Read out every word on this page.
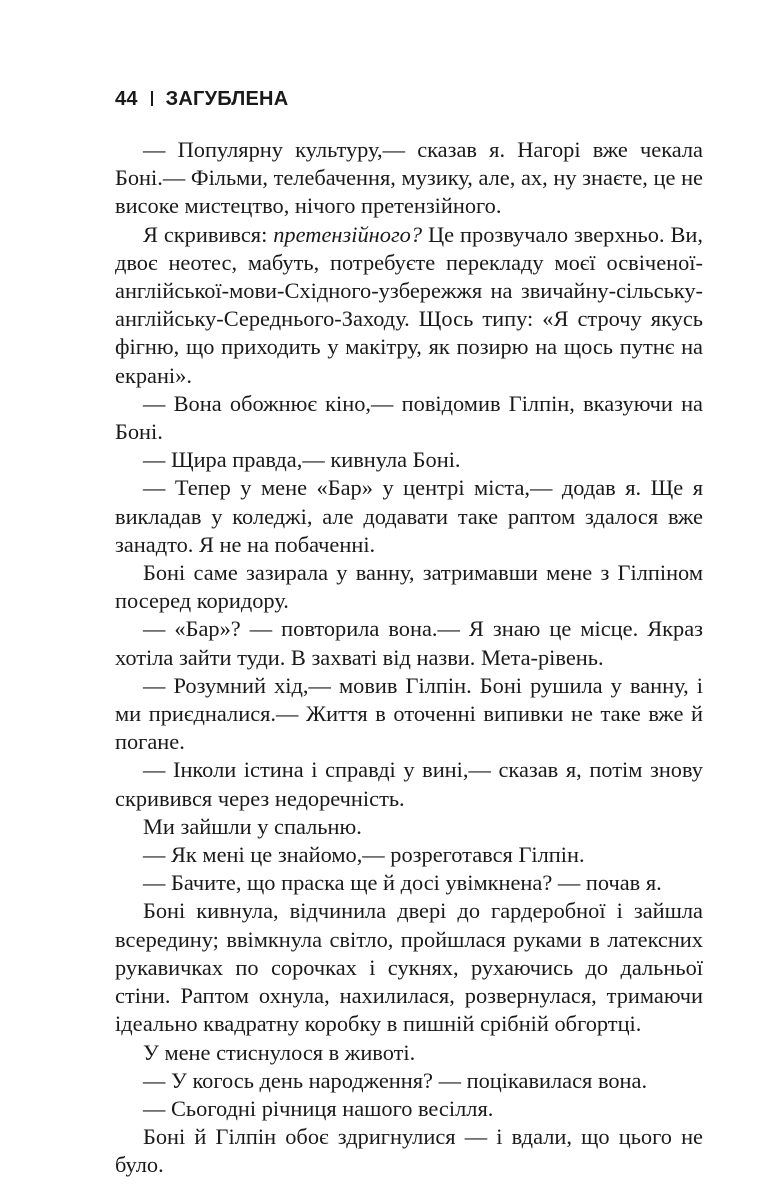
44 ЗАГУБЛЕНА

— Популярну культуру,— сказав я. Нагорі вже чекала Боні.— Фільми, телебачення, музику, але, ах, ну знаєте, це не високе мистецтво, нічого претензійного.

Я скривився: претензійного? Це прозвучало зверхньо. Ви, двоє неотес, мабуть, потребуєте перекладу моєї освіченої-англійської-мови-Східного-узбережжя на звичайну-сільську-англійську-Середнього-Заходу. Щось типу: «Я строчу якусь фігню, що приходить у макітру, як позирю на щось путнє на екрані».

— Вона обожнює кіно,— повідомив Гілпін, вказуючи на Боні.

— Щира правда,— кивнула Боні.

— Тепер у мене «Бар» у центрі міста,— додав я. Ще я викладав у коледжі, але додавати таке раптом здалося вже занадто. Я не на побаченні.

Боні саме зазирала у ванну, затримавши мене з Гілпіном посеред коридору.

— «Бар»? — повторила вона.— Я знаю це місце. Якраз хотіла зайти туди. В захваті від назви. Мета-рівень.

— Розумний хід,— мовив Гілпін. Боні рушила у ванну, і ми приєдналися.— Життя в оточенні випивки не таке вже й погане.

— Інколи істина і справді у вині,— сказав я, потім знову скривився через недоречність.

Ми зайшли у спальню.

— Як мені це знайомо,— розреготався Гілпін.

— Бачите, що праска ще й досі увімкнена? — почав я.

Боні кивнула, відчинила двері до гардеробної і зайшла всередину; ввімкнула світло, пройшлася руками в латексних рукавичках по сорочках і сукнях, рухаючись до дальньої стіни. Раптом охнула, нахилилася, розвернулася, тримаючи ідеально квадратну коробку в пишній срібній обгортці.

У мене стиснулося в животі.

— У когось день народження? — поцікавилася вона.

— Сьогодні річниця нашого весілля.

Боні й Гілпін обоє здригнулися — і вдали, що цього не було.
